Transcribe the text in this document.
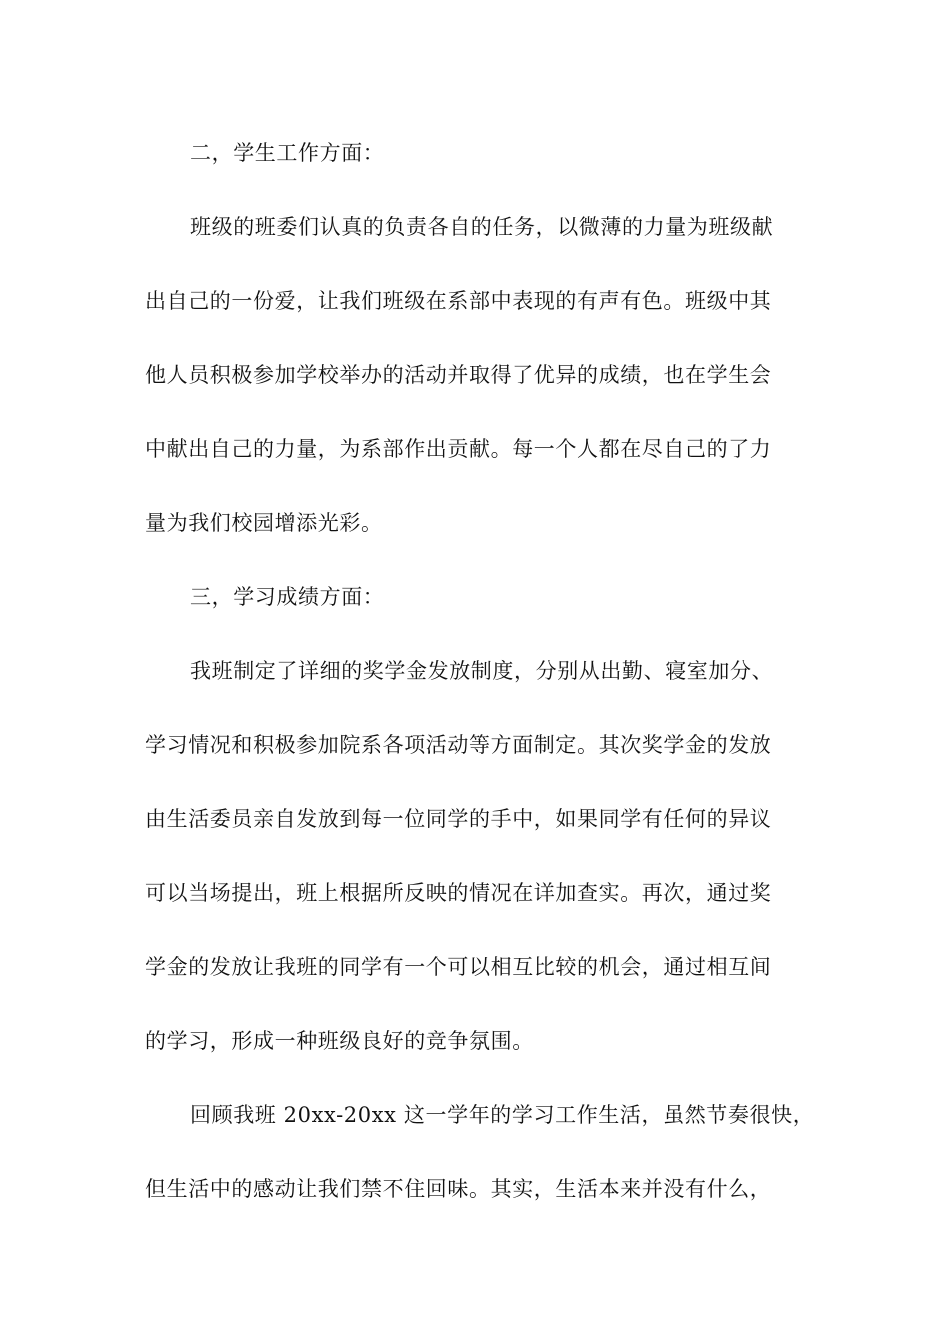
二，学生工作方面：
班级的班委们认真的负责各自的任务，以微薄的力量为班级献
出自己的一份爱，让我们班级在系部中表现的有声有色。班级中其
他人员积极参加学校举办的活动并取得了优异的成绩，也在学生会
中献出自己的力量，为系部作出贡献。每一个人都在尽自己的了力
量为我们校园增添光彩。
三，学习成绩方面：
我班制定了详细的奖学金发放制度，分别从出勤、寝室加分、
学习情况和积极参加院系各项活动等方面制定。其次奖学金的发放
由生活委员亲自发放到每一位同学的手中，如果同学有任何的异议
可以当场提出，班上根据所反映的情况在详加查实。再次，通过奖
学金的发放让我班的同学有一个可以相互比较的机会，通过相互间
的学习，形成一种班级良好的竞争氛围。
回顾我班 20xx-20xx 这一学年的学习工作生活，虽然节奏很快，
但生活中的感动让我们禁不住回味。其实，生活本来并没有什么，
